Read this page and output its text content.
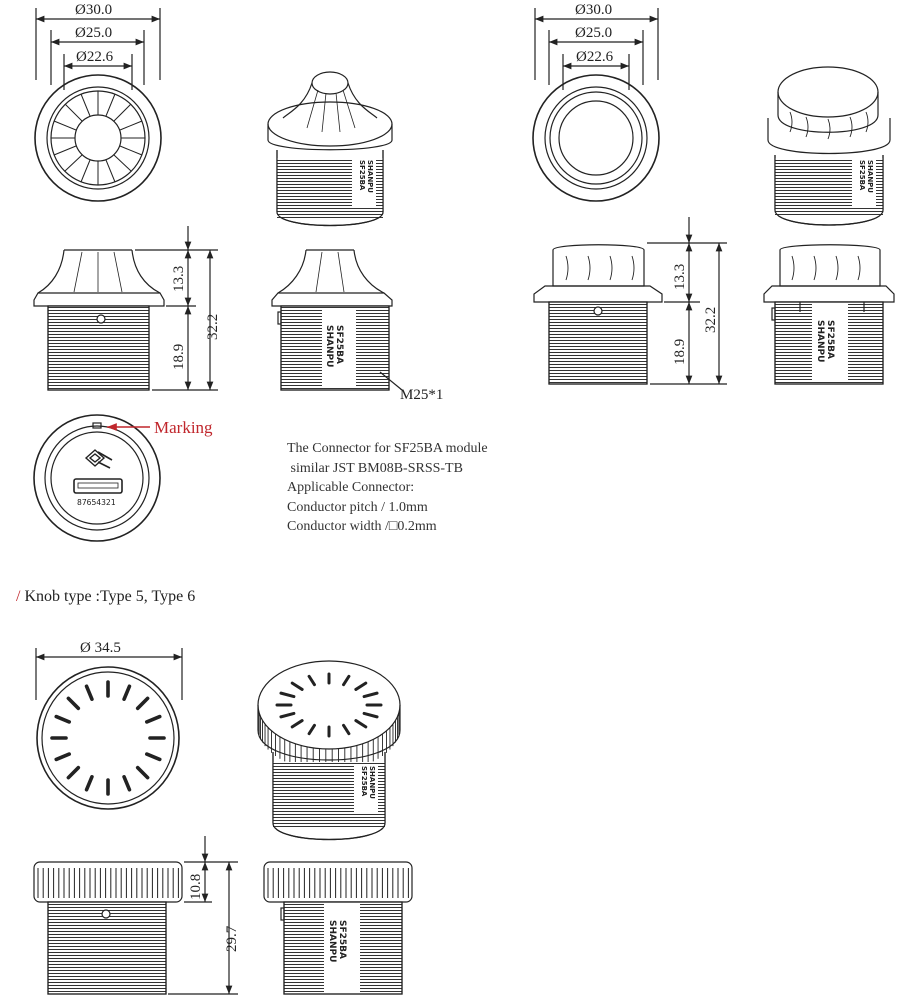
SF25BA SHANPU
SF25BA
SHANPU
SF25BA SHANPU
SF25BA
SHANPU
SF25BA SHANPU
SF25BA
SHANPU
Ø30.0
Ø25.0
Ø22.6
Ø30.0
Ø25.0
Ø22.6
Ø 34.5
13.3
32.2
18.9
13.3
32.2
18.9
10.8
29.7
M25*1
Marking
87654321
The Connector for SF25BA module
similar JST BM08B-SRSS-TB
Applicable Connector:
Conductor pitch / 1.0mm
Conductor width /□0.2mm
/ Knob type :Type 5, Type 6
